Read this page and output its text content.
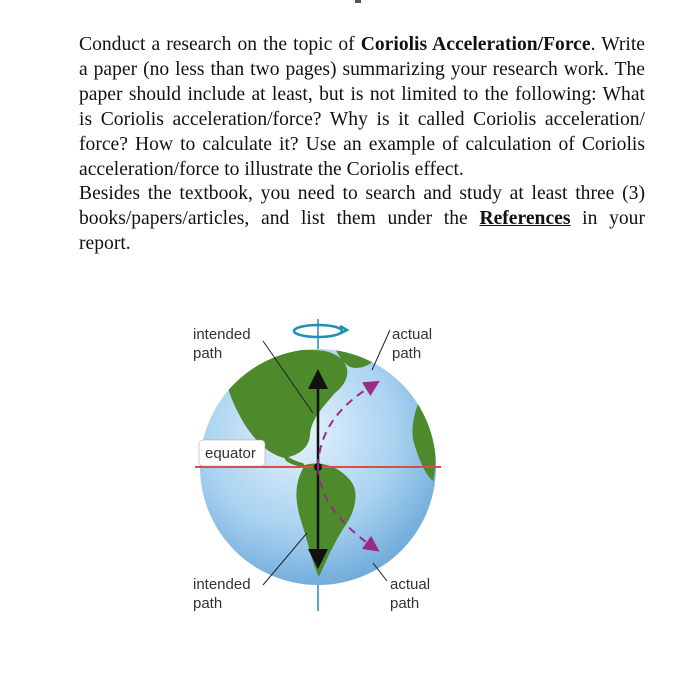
Conduct a research on the topic of Coriolis Acceleration/Force. Write a paper (no less than two pages) summarizing your research work. The paper should include at least, but is not limited to the following: What is Coriolis acceleration/force? Why is it called Coriolis acceleration/ force? How to calculate it? Use an example of calculation of Coriolis acceleration/force to illustrate the Coriolis effect.

Besides the textbook, you need to search and study at least three (3) books/papers/articles, and list them under the References in your report.

intended
path
actual
path
equator
intended
path
actual
path
